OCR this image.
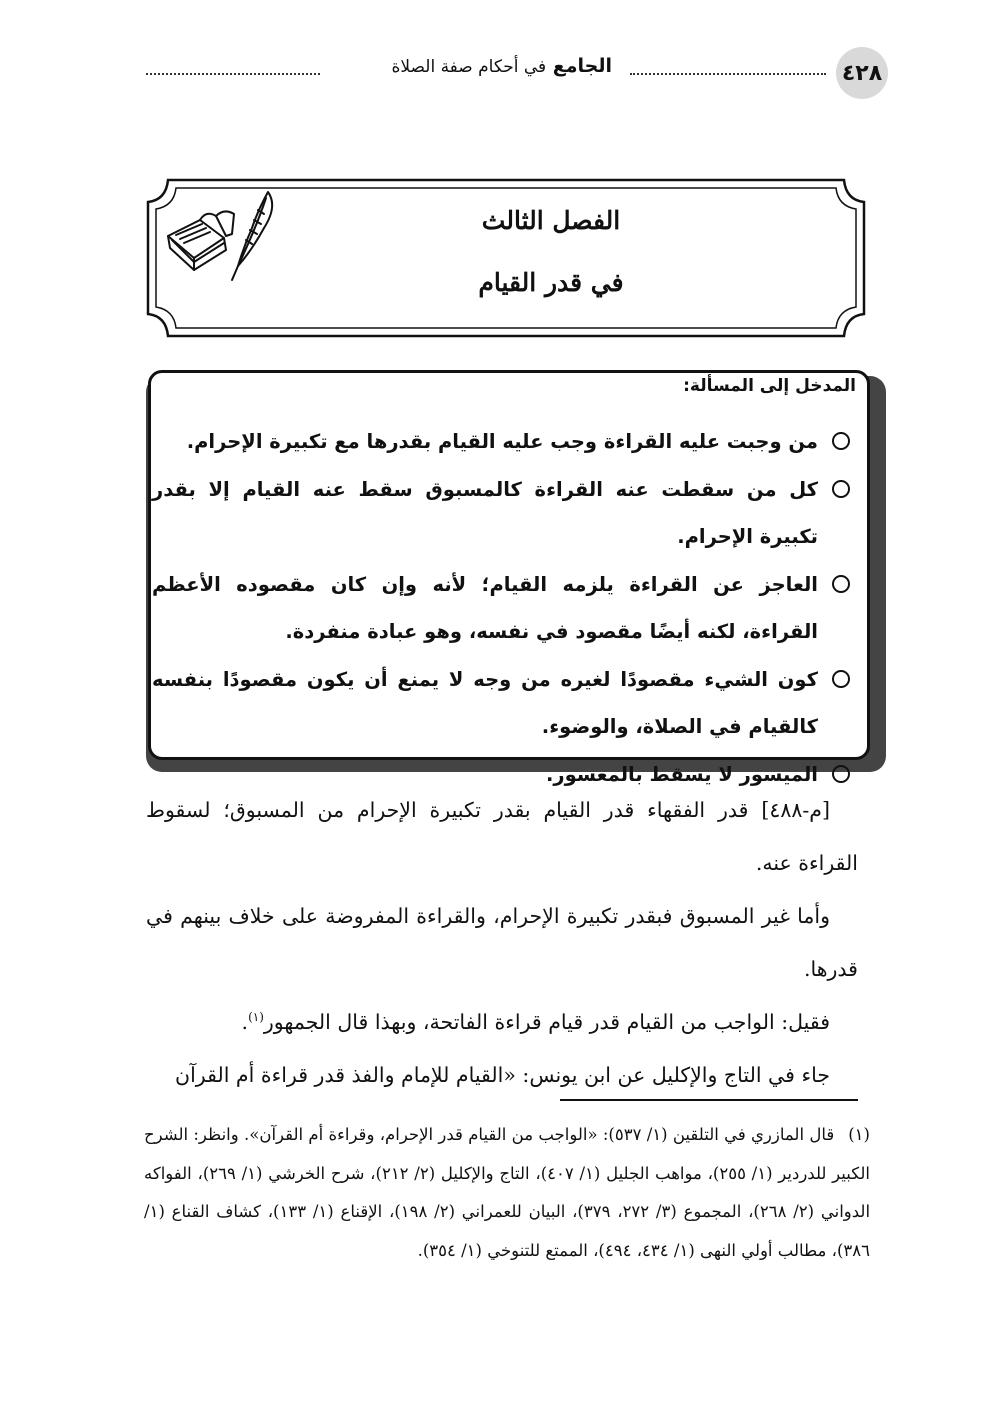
٤٢٨
الجامع في أحكام صفة الصلاة
الفصل الثالث
في قدر القيام
المدخل إلى المسألة:
من وجبت عليه القراءة وجب عليه القيام بقدرها مع تكبيرة الإحرام.
كل من سقطت عنه القراءة كالمسبوق سقط عنه القيام إلا بقدر تكبيرة الإحرام.
العاجز عن القراءة يلزمه القيام؛ لأنه وإن كان مقصوده الأعظم القراءة، لكنه أيضًا مقصود في نفسه، وهو عبادة منفردة.
كون الشيء مقصودًا لغيره من وجه لا يمنع أن يكون مقصودًا بنفسه كالقيام في الصلاة، والوضوء.
الميسور لا يسقط بالمعسور.

[م-٤٨٨] قدر الفقهاء قدر القيام بقدر تكبيرة الإحرام من المسبوق؛ لسقوط القراءة عنه.

وأما غير المسبوق فبقدر تكبيرة الإحرام، والقراءة المفروضة على خلاف بينهم في قدرها.

فقيل: الواجب من القيام قدر قيام قراءة الفاتحة، وبهذا قال الجمهور$^{(١)}$.

جاء في التاج والإكليل عن ابن يونس: «القيام للإمام والفذ قدر قراءة أم القرآن

(١)قال المازري في التلقين (١/ ٥٣٧): «الواجب من القيام قدر الإحرام، وقراءة أم القرآن». وانظر: الشرح الكبير للدردير (١/ ٢٥٥)، مواهب الجليل (١/ ٤٠٧)، التاج والإكليل (٢/ ٢١٢)، شرح الخرشي (١/ ٢٦٩)، الفواكه الدواني (٢/ ٢٦٨)، المجموع (٣/ ٢٧٢، ٣٧٩)، البيان للعمراني (٢/ ١٩٨)، الإقناع (١/ ١٣٣)، كشاف القناع (١/ ٣٨٦)، مطالب أولي النهى (١/ ٤٣٤، ٤٩٤)، الممتع للتنوخي (١/ ٣٥٤).
